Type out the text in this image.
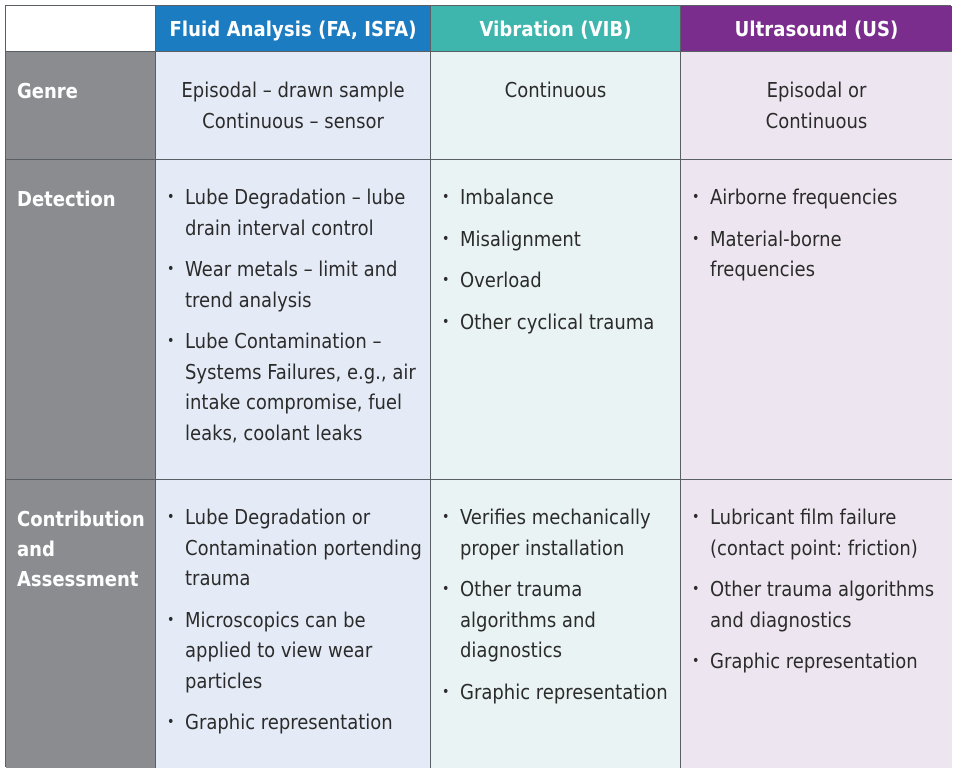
Fluid Analysis (FA, ISFA)	Vibration (VIB)	Ultrasound (US)
Genre	Episodal – drawn sample
Continuous – sensor
Continuous	Episodal or
Continuous
Detection
•	Lube Degradation – lube drain interval control
• Wear metals – limit and trend analysis
• Lube Contamination – Systems Failures, e.g., air intake compromise, fuel leaks, coolant leaks
• Imbalance
• Misalignment
• Overload
• Other cyclical trauma
• Airborne frequencies
• Material-borne frequencies
Contribution
and
Assessment
• Lube Degradation or Contamination portending trauma
• Microscopics can be applied to view wear particles
• Graphic representation
• Verifies mechanically proper installation
• Other trauma algorithms and diagnostics
• Graphic representation
• Lubricant film failure (contact point: friction)
• Other trauma algorithms and diagnostics
• Graphic representation
